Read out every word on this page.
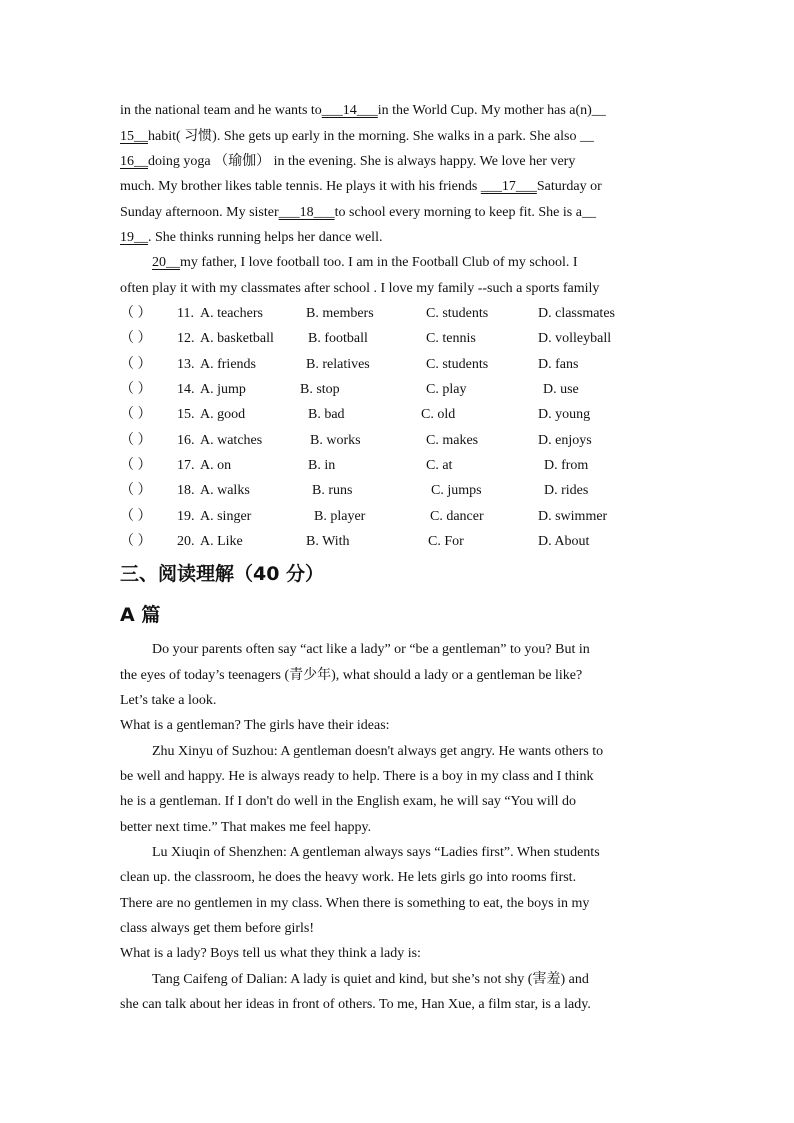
in the national team and he wants to___14___in the World Cup. My mother has a(n)__
15__habit( 习惯). She gets up early in the morning. She walks in a park. She also __
16__doing yoga （瑜伽） in the evening. She is always happy. We love her very
much. My brother likes table tennis. He plays it with his friends ___17___Saturday or
Sunday afternoon. My sister___18___to school every morning to keep fit. She is a__
19__. She thinks running helps her dance well.
20__my father, I love football too. I am in the Football Club of my school. I
often play it with my classmates after school . I love my family --such a sports family
（ ） 11. A. teachers	B. members	C. students	D. classmates
（ ） 12. A. basketball B. football	C. tennis	D. volleyball
（ ） 13. A. friends	B. relatives	C. students	D. fans
（ ） 14. A. jump	B. stop	C. play	D. use
（ ） 15. A. good	B. bad	C. old	D. young
（ ） 16. A. watches	B. works	C. makes	D. enjoys
（ ） 17. A. on	B. in	C. at	D. from
（ ） 18. A. walks	B. runs	C. jumps	D. rides
（ ） 19. A. singer	B. player	C. dancer	D. swimmer
（ ） 20. A. Like	B. With	C. For	D. About
三、阅读理解（40 分）
A 篇
Do your parents often say “act like a lady” or “be a gentleman” to you? But in
the eyes of today’s teenagers (青少年), what should a lady or a gentleman be like?
Let’s take a look.
What is a gentleman? The girls have their ideas:
Zhu Xinyu of Suzhou: A gentleman doesn't always get angry. He wants others to
be well and happy. He is always ready to help. There is a boy in my class and I think
he is a gentleman. If I don't do well in the English exam, he will say “You will do
better next time.” That makes me feel happy.
Lu Xiuqin of Shenzhen: A gentleman always says “Ladies first”. When students
clean up. the classroom, he does the heavy work. He lets girls go into rooms first.
There are no gentlemen in my class. When there is something to eat, the boys in my
class always get them before girls!
What is a lady? Boys tell us what they think a lady is:
Tang Caifeng of Dalian: A lady is quiet and kind, but she’s not shy (害羞) and
she can talk about her ideas in front of others. To me, Han Xue, a film star, is a lady.
